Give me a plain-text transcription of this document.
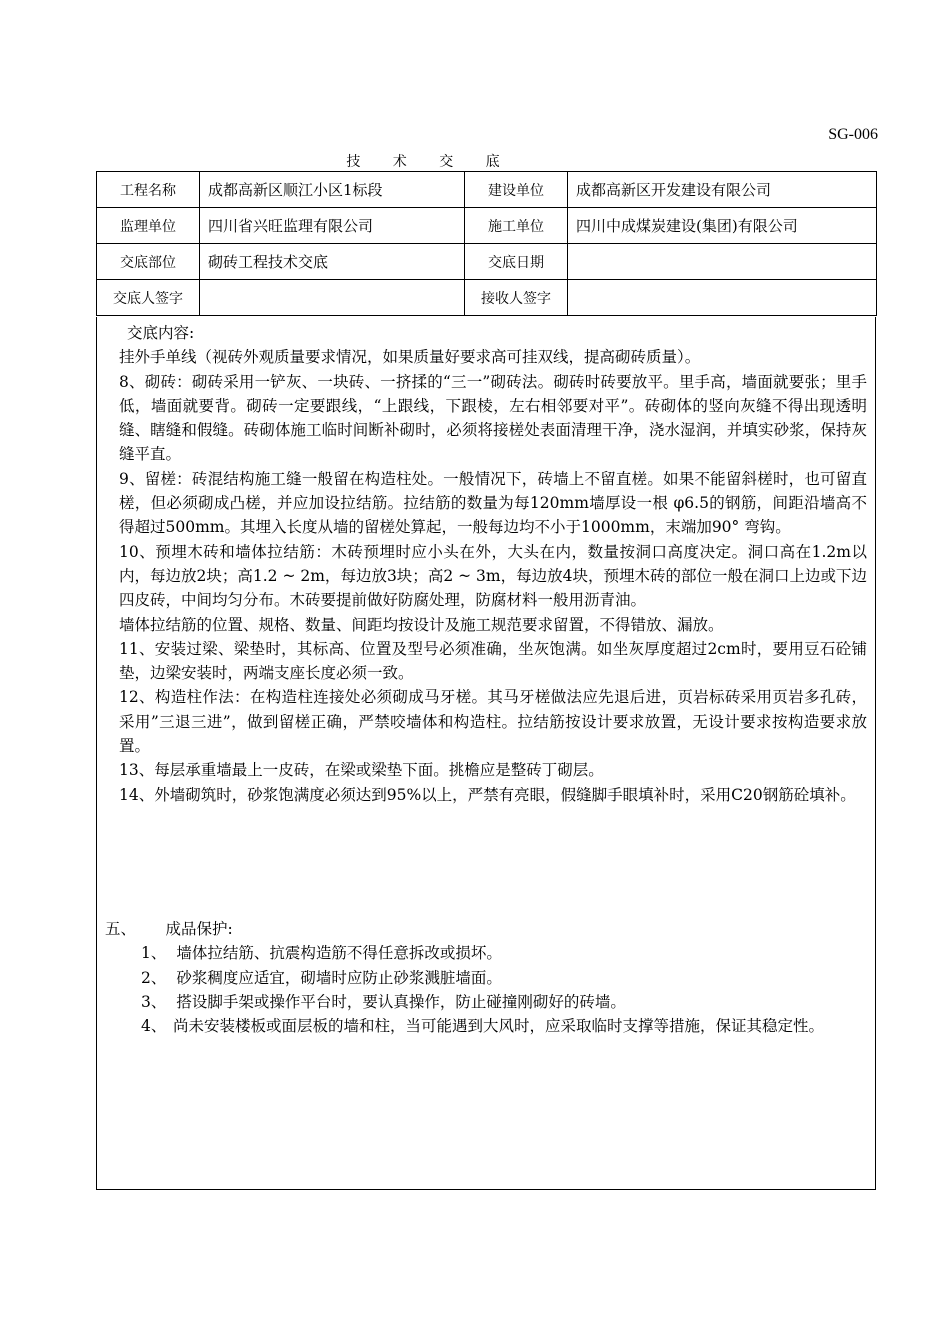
SG-006
技 术 交 底
工程名称	成都高新区顺江小区1标段	建设单位	成都高新区开发建设有限公司
监理单位	四川省兴旺监理有限公司	施工单位	四川中成煤炭建设(集团)有限公司
交底部位	砌砖工程技术交底	交底日期	
交底人签字		接收人签字	

交底内容:

挂外手单线（视砖外观质量要求情况，如果质量好要求高可挂双线，提高砌砖质量）。

8、砌砖：砌砖采用一铲灰、一块砖、一挤揉的“三一”砌砖法。砌砖时砖要放平。里手高，墙面就要张；里手低，墙面就要背。砌砖一定要跟线，“上跟线，下跟棱，左右相邻要对平”。砖砌体的竖向灰缝不得出现透明缝、瞎缝和假缝。砖砌体施工临时间断补砌时，必须将接槎处表面清理干净，浇水湿润，并填实砂浆，保持灰缝平直。

9、留槎：砖混结构施工缝一般留在构造柱处。一般情况下，砖墙上不留直槎。如果不能留斜槎时，也可留直槎，但必须砌成凸槎，并应加设拉结筋。拉结筋的数量为每120mm墙厚设一根 φ6.5的钢筋，间距沿墙高不得超过500mm。其埋入长度从墙的留槎处算起，一般每边均不小于1000mm，末端加90° 弯钩。

10、预埋木砖和墙体拉结筋：木砖预埋时应小头在外，大头在内，数量按洞口高度决定。洞口高在1.2m以内，每边放2块；高1.2 ~ 2m，每边放3块；高2 ~ 3m，每边放4块，预埋木砖的部位一般在洞口上边或下边四皮砖，中间均匀分布。木砖要提前做好防腐处理，防腐材料一般用沥青油。

墙体拉结筋的位置、规格、数量、间距均按设计及施工规范要求留置，不得错放、漏放。

11、安装过梁、梁垫时，其标高、位置及型号必须准确，坐灰饱满。如坐灰厚度超过2cm时，要用豆石砼铺垫，边梁安装时，两端支座长度必须一致。

12、构造柱作法：在构造柱连接处必须砌成马牙槎。其马牙槎做法应先退后进，页岩标砖采用页岩多孔砖，采用”三退三进”，做到留槎正确，严禁咬墙体和构造柱。拉结筋按设计要求放置，无设计要求按构造要求放置。

13、每层承重墙最上一皮砖，在梁或梁垫下面。挑檐应是整砖丁砌层。

14、外墙砌筑时，砂浆饱满度必须达到95%以上，严禁有亮眼，假缝脚手眼填补时，采用C20钢筋砼填补。

五、      成品保护:

1、 墙体拉结筋、抗震构造筋不得任意拆改或损坏。

2、 砂浆稠度应适宜，砌墙时应防止砂浆溅脏墙面。

3、 搭设脚手架或操作平台时，要认真操作，防止碰撞刚砌好的砖墙。

4、 尚未安装楼板或面层板的墙和柱，当可能遇到大风时，应采取临时支撑等措施，保证其稳定性。
